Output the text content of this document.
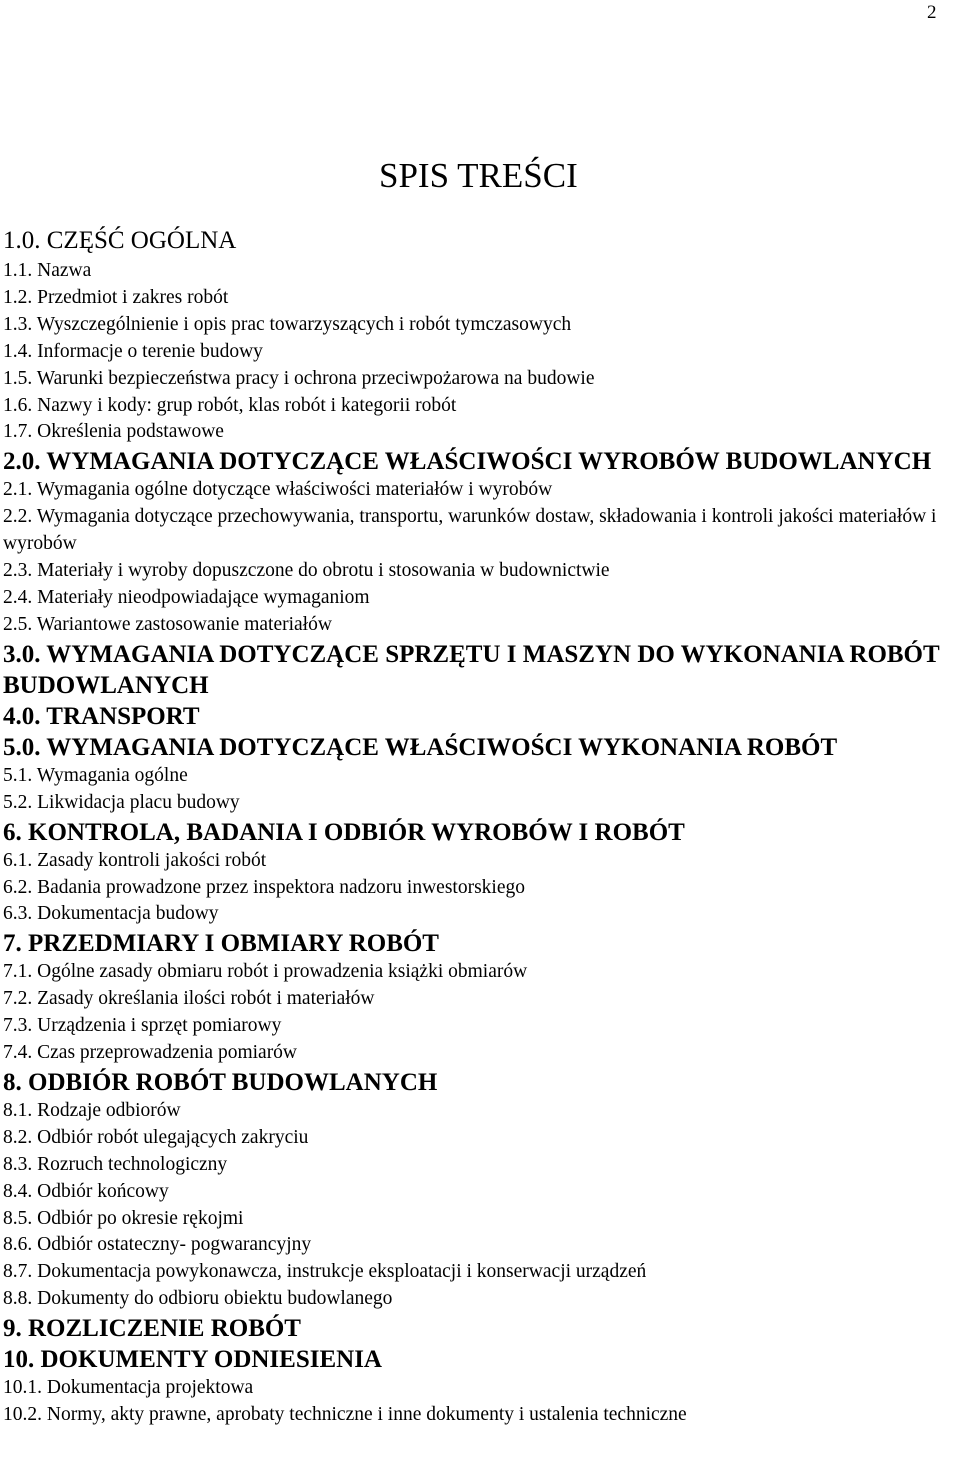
2
SPIS TREŚCI

1.0. CZĘŚĆ OGÓLNA

1.1. Nazwa

1.2. Przedmiot i zakres robót

1.3. Wyszczególnienie i opis prac towarzyszących i robót tymczasowych

1.4. Informacje o terenie budowy

1.5. Warunki bezpieczeństwa pracy i ochrona przeciwpożarowa na budowie

1.6. Nazwy i kody: grup robót, klas robót i kategorii robót

1.7. Określenia podstawowe

2.0. WYMAGANIA DOTYCZĄCE WŁAŚCIWOŚCI WYROBÓW BUDOWLANYCH

2.1. Wymagania ogólne dotyczące właściwości materiałów i wyrobów

2.2. Wymagania dotyczące przechowywania, transportu, warunków dostaw, składowania i kontroli jakości materiałów i wyrobów

2.3. Materiały i wyroby dopuszczone do obrotu i stosowania w budownictwie

2.4. Materiały nieodpowiadające wymaganiom

2.5. Wariantowe zastosowanie materiałów

3.0. WYMAGANIA DOTYCZĄCE SPRZĘTU I MASZYN DO WYKONANIA ROBÓT BUDOWLANYCH

4.0. TRANSPORT

5.0. WYMAGANIA DOTYCZĄCE WŁAŚCIWOŚCI WYKONANIA ROBÓT

5.1. Wymagania ogólne

5.2. Likwidacja placu budowy

6. KONTROLA, BADANIA I ODBIÓR WYROBÓW I ROBÓT

6.1. Zasady kontroli jakości robót

6.2. Badania prowadzone przez inspektora nadzoru inwestorskiego

6.3. Dokumentacja budowy

7. PRZEDMIARY I OBMIARY ROBÓT

7.1. Ogólne zasady obmiaru robót i prowadzenia książki obmiarów

7.2. Zasady określania ilości robót i materiałów

7.3. Urządzenia i sprzęt pomiarowy

7.4. Czas przeprowadzenia pomiarów

8. ODBIÓR ROBÓT BUDOWLANYCH

8.1. Rodzaje odbiorów

8.2. Odbiór robót ulegających zakryciu

8.3. Rozruch technologiczny

8.4. Odbiór końcowy

8.5. Odbiór po okresie rękojmi

8.6. Odbiór ostateczny- pogwarancyjny

8.7. Dokumentacja powykonawcza, instrukcje eksploatacji i konserwacji urządzeń

8.8. Dokumenty do odbioru obiektu budowlanego

9. ROZLICZENIE ROBÓT

10. DOKUMENTY ODNIESIENIA

10.1. Dokumentacja projektowa

10.2. Normy, akty prawne, aprobaty techniczne i inne dokumenty i ustalenia techniczne
